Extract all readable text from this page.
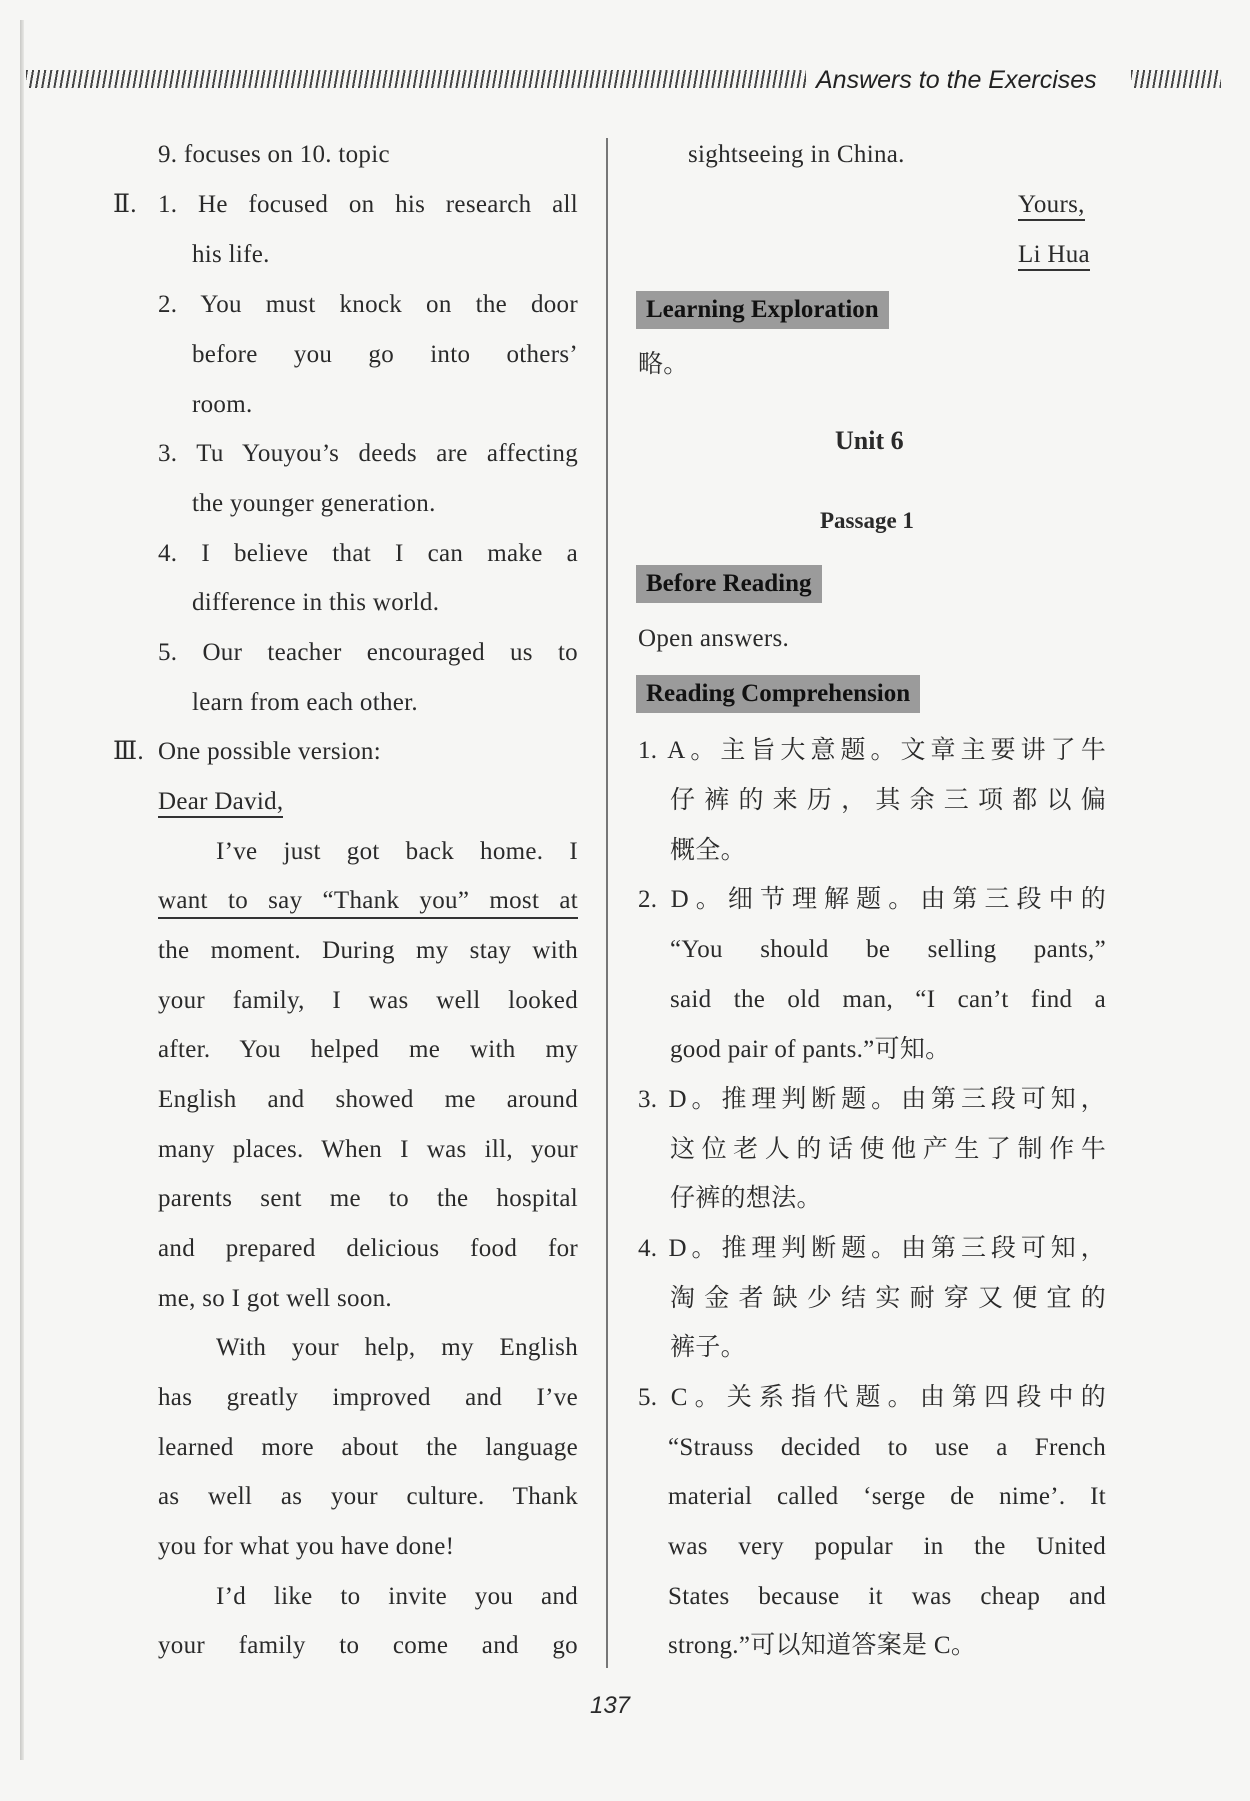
Answers to the Exercises
9. focuses on 10. topic
Ⅱ. 1. He focused on his research all
his life.
2. You must knock on the door
before you go into others’
room.
3. Tu Youyou’s deeds are affecting
the younger generation.
4. I believe that I can make a
difference in this world.
5. Our teacher encouraged us to
learn from each other.
Ⅲ. One possible version:
Dear David,
I’ve just got back home. I
want to say “Thank you” most at
the moment. During my stay with
your family, I was well looked
after. You helped me with my
English and showed me around
many places. When I was ill, your
parents sent me to the hospital
and prepared delicious food for
me, so I got well soon.
With your help, my English
has greatly improved and I’ve
learned more about the language
as well as your culture. Thank
you for what you have done!
I’d like to invite you and
your family to come and go
sightseeing in China.
Yours,
Li Hua
Learning Exploration
略。
Unit 6
Passage 1
Before Reading
Open answers.
Reading Comprehension
1. A。主旨大意题。文章主要讲了牛
仔裤的来历，其余三项都以偏
概全。
2. D。细节理解题。由第三段中的
“You should be selling pants,”
said the old man, “I can’t find a
good pair of pants.”可知。
3. D。推理判断题。由第三段可知，
这位老人的话使他产生了制作牛
仔裤的想法。
4. D。推理判断题。由第三段可知，
淘金者缺少结实耐穿又便宜的
裤子。
5. C。关系指代题。由第四段中的
“Strauss decided to use a French
material called ‘serge de nime’. It
was very popular in the United
States because it was cheap and
strong.”可以知道答案是 C。
137
